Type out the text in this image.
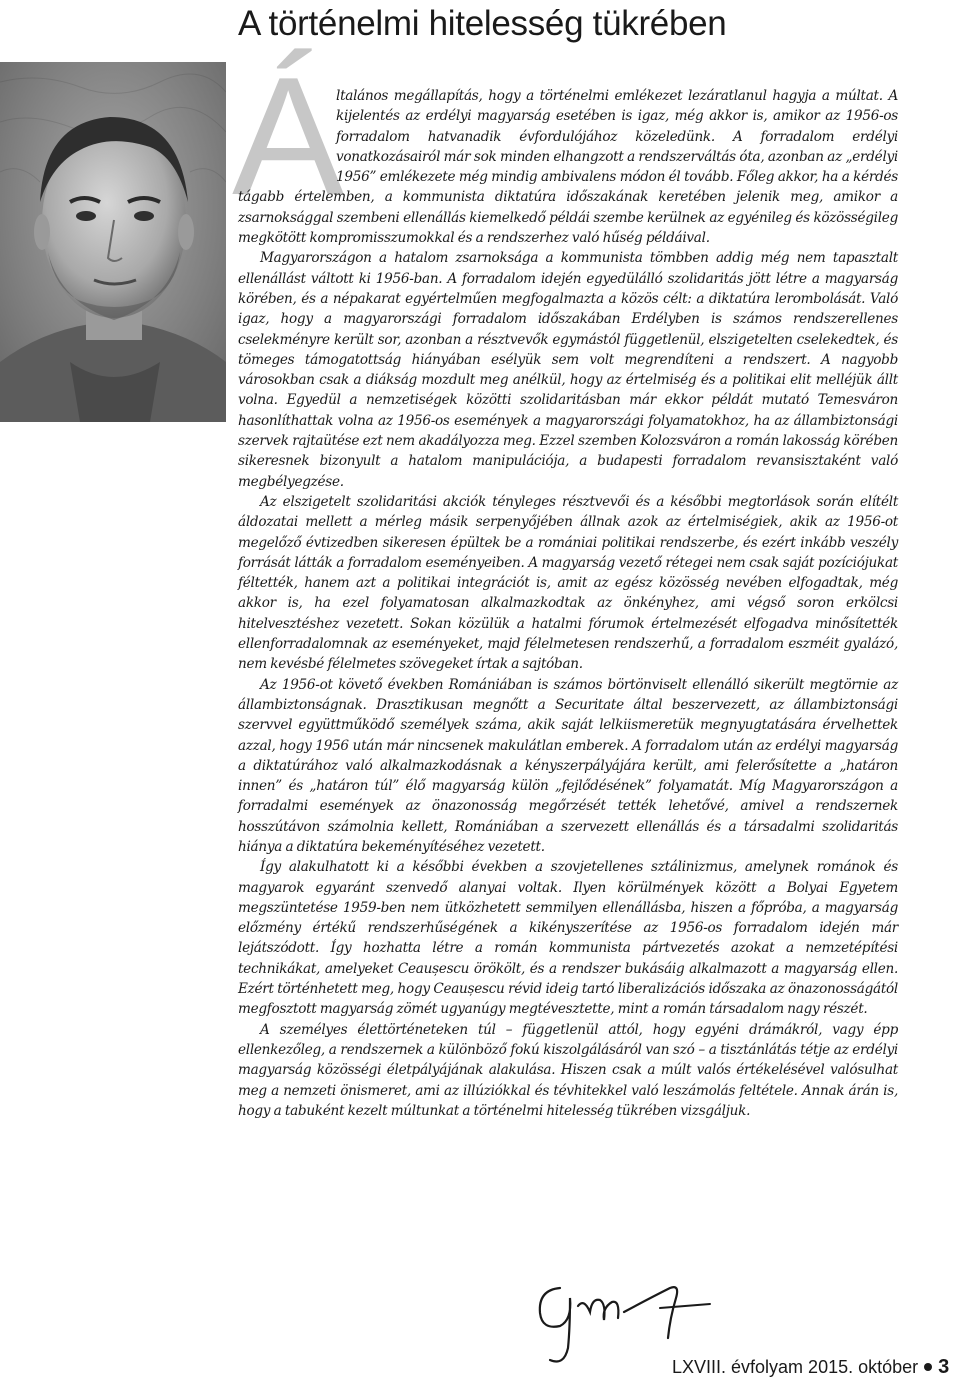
A történelmi hitelesség tükrében
Á

ltalános megállapítás, hogy a történelmi emlékezet lezáratlanul hagyja a múltat. A kijelentés az erdélyi magyarság esetében is igaz, még akkor is, amikor az 1956-os forradalom hatvanadik évfordulójához közeledünk. A forradalom erdélyi vonatkozásairól már sok minden elhangzott a rendszerváltás óta, azonban az „erdélyi 1956” emlékezete még mindig ambivalens módon él tovább. Főleg akkor, ha a kérdés tágabb értelemben, a kommunista diktatúra időszakának keretében jelenik meg, amikor a zsarnoksággal szembeni ellenállás kiemelkedő példái szembe kerülnek az egyénileg és közösségileg megkötött kompromisszumokkal és a rendszerhez való hűség példáival.

Magyarországon a hatalom zsarnoksága a kommunista tömbben addig még nem tapasztalt ellenállást váltott ki 1956-ban. A forradalom idején egyedülálló szolidaritás jött létre a magyarság körében, és a népakarat egyértelműen megfogalmazta a közös célt: a diktatúra lerombolását. Való igaz, hogy a magyarországi forradalom időszakában Erdélyben is számos rendszerellenes cselekményre került sor, azonban a résztvevők egymástól függetlenül, elszigetelten cselekedtek, és tömeges támogatottság hiányában esélyük sem volt megrendíteni a rendszert. A nagyobb városokban csak a diákság mozdult meg anélkül, hogy az értelmiség és a politikai elit melléjük állt volna. Egyedül a nemzetiségek közötti szolidaritásban már ekkor példát mutató Temesváron hasonlíthattak volna az 1956-os események a magyarországi folyamatokhoz, ha az állambiztonsági szervek rajtaütése ezt nem akadályozza meg. Ezzel szemben Kolozsváron a román lakosság körében sikeresnek bizonyult a hatalom manipulációja, a budapesti forradalom revansisztaként való megbélyegzése.

Az elszigetelt szolidaritási akciók tényleges résztvevői és a későbbi megtorlások során elítélt áldozatai mellett a mérleg másik serpenyőjében állnak azok az értelmiségiek, akik az 1956-ot megelőző évtizedben sikeresen épültek be a romániai politikai rendszerbe, és ezért inkább veszély forrását látták a forradalom eseményeiben. A magyarság vezető rétegei nem csak saját pozíciójukat féltették, hanem azt a politikai integrációt is, amit az egész közösség nevében elfogadtak, még akkor is, ha ezel folyamatosan alkalmazkodtak az önkényhez, ami végső soron erkölcsi hitelvesztéshez vezetett. Sokan közülük a hatalmi fórumok értelmezését elfogadva minősítették ellenforradalomnak az eseményeket, majd félelmetesen rendszerhű, a forradalom eszméit gyalázó, nem kevésbé félelmetes szövegeket írtak a sajtóban.

Az 1956-ot követő években Romániában is számos börtönviselt ellenálló sikerült megtörnie az állambiztonságnak. Drasztikusan megnőtt a Securitate által beszervezett, az állambiztonsági szervvel együttműködő személyek száma, akik saját lelkiismeretük megnyugtatására érvelhettek azzal, hogy 1956 után már nincsenek makulátlan emberek. A forradalom után az erdélyi magyarság a diktatúrához való alkalmazkodásnak a kényszerpályájára került, ami felerősítette a „határon innen” és „határon túl” élő magyarság külön „fejlődésének” folyamatát. Míg Magyarországon a forradalmi események az önazonosság megőrzését tették lehetővé, amivel a rendszernek hosszútávon számolnia kellett, Romániában a szervezett ellenállás és a társadalmi szolidaritás hiánya a diktatúra bekeményítéséhez vezetett.

Így alakulhatott ki a későbbi években a szovjetellenes sztálinizmus, amelynek románok és magyarok egyaránt szenvedő alanyai voltak. Ilyen körülmények között a Bolyai Egyetem megszüntetése 1959-ben nem ütközhetett semmilyen ellenállásba, hiszen a főpróba, a magyarság előzmény értékű rendszerhűségének a kikényszerítése az 1956-os forradalom idején már lejátszódott. Így hozhatta létre a román kommunista pártvezetés azokat a nemzetépítési technikákat, amelyeket Ceaușescu örökölt, és a rendszer bukásáig alkalmazott a magyarság ellen. Ezért történhetett meg, hogy Ceaușescu révid ideig tartó liberalizációs időszaka az önazonosságától megfosztott magyarság zömét ugyanúgy megtévesztette, mint a román társadalom nagy részét.

A személyes élettörténeteken túl – függetlenül attól, hogy egyéni drámákról, vagy épp ellenkezőleg, a rendszernek a különböző fokú kiszolgálásáról van szó – a tisztánlátás tétje az erdélyi magyarság közösségi életpályájának alakulása. Hiszen csak a múlt valós értékelésével valósulhat meg a nemzeti önismeret, ami az illúziókkal és tévhitekkel való leszámolás feltétele. Annak árán is, hogy a tabuként kezelt múltunkat a történelmi hitelesség tükrében vizsgáljuk.

LXVIII. évfolyam 2015. október 3
